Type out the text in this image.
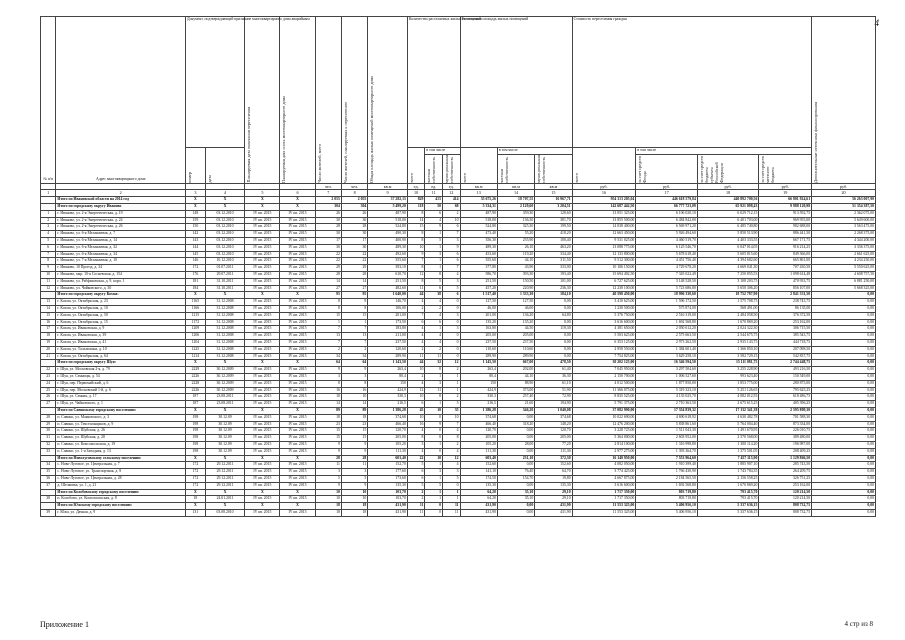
4
№ п/п	Адрес многоквартирного дома	Документ, подтверждающий признание многоквартирного дома аварийным		Планируемая дата окончания переселения	Планируемая дата сноса многоквартирного дома	Число жителей, всего	Число жителей, планируемых к переселению	Общая площадь жилых помещений многоквартирного дома	Количество расселяемых жилых помещений			Расселяемая площадь жилых помещений			Стоимость переселения граждан				Дополнительные источники финансирования

		номер	дата						всего	в том числе		всего	в том числе		всего	в том числе			

										частная собственность	муниципальная собственность		частная собственность	муниципальная собственность		за счет средств Фонда	за счет средств бюджета субъекта Российской Федерации	за счет средств местного бюджета	

						чел.	чел.	кв.м	ед.	ед.	ед.	кв.м	кв.м	кв.м	руб.	руб.	руб.	руб.	руб.
1	2	3	4	5	6	7	8	9	10	11	12	13	14	15	16	17	18	19	20
	Итого по Ивановской области на 2014 год	X	X	X	X	2 055	2 055	37 282,15	829	415	414	35 675,26	18 707,55	16 967,71	954 313 205,04	446 618 579,84	440 892 700,56	66 801 924,61	56 263 007,90
	Итого по городскому округу Иваново	X	X	X	X	304	304	5 499,20	118	50	68	5 334,31	2 129,60	3 204,51	142 687 442,50	66 777 723,09	65 921 098,43	9 988 120,98	51 354 387,50
1	г. Иваново, ул. 2-я Энергетическая, д. 19	148	03.12.2010	IV кв. 2015	IV кв. 2015	26	26	487,90	8	6	2	487,90	359,30	128,60	13 051 325,00	6 106 020,10	6 029 712,15	913 592,75	2 362 075,00
2	г. Иваново, ул. 2-я Энергетическая, д. 24	159	03.12.2010	IV кв. 2015	IV кв. 2015	30	30	518,00	14	4	10	518,00	136,30	381,70	13 855 500,00	6 484 842,00	6 401 703,00	969 955,00	5 649 600,00
3	г. Иваново, ул. 2-я Энергетическая, д. 26	150	03.12.2010	IV кв. 2015	IV кв. 2015	28	28	524,80	15	9	6	524,80	325,30	199,50	14 038 400,00	6 569 971,20	6 485 740,80	982 688,00	3 563 475,00
4	г. Иваново, ул. 6-я Меланжевая, д. 7	142	03.12.2010	IV кв. 2015	IV кв. 2015	30	30	490,30	8	1	7	473,40	55,20	418,20	12 663 450,00	5 926 494,60	5 850 513,90	886 441,50	2 268 375,00
5	г. Иваново, ул. 6-я Меланжевая, д. 14	143	03.12.2010	IV кв. 2015	IV кв. 2015	17	17	400,90	8	5	3	356,30	255,90	100,40	9 531 025,00	4 460 519,70	4 403 333,55	667 171,75	4 344 200,00
6	г. Иваново, ул. 6-я Меланжевая, д. 32	144	03.12.2010	IV кв. 2015	IV кв. 2015	30	30	489,30	10	1	9	489,30	26,10	463,20	13 088 775,00	6 125 546,70	6 047 014,05	916 214,25	3 336 375,00
7	г. Иваново, ул. 6-я Меланжевая, д. 34	145	03.12.2010	IV кв. 2015	IV кв. 2015	22	22	492,60	9	3	6	453,60	119,20	334,40	12 133 800,00	5 678 618,40	5 605 815,60	849 366,00	2 661 625,00
8	г. Иваново, ул. 7-я Меланжевая, д. 10	146	10.12.2010	IV кв. 2015	IV кв. 2015	22	22	355,60	7	1	6	355,60	44,10	311,50	9 512 300,00	4 451 756,40	4 394 682,60	665 861,00	4 234 250,00
9	г. Иваново, 10 Проезд, д. 34	172	01.07.2011	IV кв. 2015	IV кв. 2015	29	29	393,10	8	1	7	377,80	43,90	333,90	10 106 150,00	4 729 678,20	4 669 041,30	707 430,50	5 550 625,00
10	г. Иваново, мкр. 10-я Сосневская, д. 154	176	29.07.2011	IV кв. 2015	IV кв. 2015	28	28	610,70	12	8	4	586,70	393,30	193,40	15 694 492,50	7 345 022,49	7 250 855,53	1 098 614,48	4 608 757,50
11	г. Иваново, ул. Рабфаковская, д. 9, корп. 1	181	31.10.2011	IV кв. 2015	IV кв. 2015	14	14	251,50	8	5	3	251,50	150,50	101,00	6 727 625,00	3 148 528,50	3 108 203,75	470 933,75	6 881 250,00
12	г. Иваново, ул. Чайковского, д. 30	184	31.10.2011	IV кв. 2015	IV кв. 2015	27	27	482,60	11	6	5	457,20	220,90	236,30	12 230 100,00	5 723 686,80	5 650 306,20	856 107,00	5 668 325,00
	Итого по городскому округу Кохма:	X	X	X	X	95	95	1 640,00	44	38	6	1 517,40	1 333,30	184,10	40 590 450,00	18 996 330,60	18 752 787,90	2 841 331,50	0,00
13	г. Кохма, ул. Октябрьская, д. 23	1165	31.12.2008	IV кв. 2015	IV кв. 2015	8	8	146,70	4	4	0	127,50	127,50	0,00	3 410 625,00	1 596 172,50	1 575 708,75	238 743,75	0,00
14	г. Кохма, ул. Октябрьская, д. 10	1166	31.12.2008	IV кв. 2015	IV кв. 2015	8	8	106,00	2	2	0	46,00	46,00	0,00	1 230 500,00	575 874,00	568 491,00	86 135,00	0,00
15	г. Кохма, ул. Октябрьская, д. 50	1215	31.12.2008	IV кв. 2015	IV кв. 2015	15	15	201,00	7	4	3	201,00	136,20	64,80	5 376 750,00	2 516 319,00	2 484 058,50	376 372,50	0,00
16	г. Кохма, ул. Октябрьская, д. 15	1172	31.12.2008	IV кв. 2015	IV кв. 2015	1	1	173,50	6	6	0	135,20	135,20	0,00	3 616 600,00	1 692 568,80	1 670 869,20	253 162,00	0,00
17	г. Кохма, ул. Ивановская, д. 9	1209	31.12.2008	IV кв. 2015	IV кв. 2015	7	7	183,80	4	1	3	163,80	44,50	119,30	4 381 650,00	2 050 612,20	2 024 322,30	306 715,50	0,00
18	г. Кохма, ул. Ивановская, д. 39	1206	31.12.2008	IV кв. 2015	IV кв. 2015	13	13	211,00	4	4	0	205,00	205,00	0,00	5 503 625,00	2 575 663,50	2 544 675,75	385 543,75	0,00
19	г. Кохма, ул. Ивановская, д. 41	1204	31.12.2008	IV кв. 2015	IV кв. 2015	7	7	237,50	4	4	0	237,50	237,50	0,00	6 353 125,00	2 973 262,50	2 935 143,75	444 718,75	0,00
20	г. Кохма, ул. Талалихина, д. 10	1225	31.12.2008	IV кв. 2015	IV кв. 2015	2	2	120,60	2	2	0	110,60	110,60	0,00	2 958 550,00	1 384 601,40	1 366 850,10	207 098,50	0,00
21	г. Кохма, ул. Октябрьская, д. 64	1214	31.12.2008	IV кв. 2015	IV кв. 2015	34	34	289,90	11	11	0	289,90	289,90	0,00	7 754 825,00	3 629 258,10	3 582 729,15	542 837,75	0,00
	Итого по городскому округу Шуя:	X	X	X	X	64	64	1 143,50	44	32	12	1 145,50	667,00	478,50	30 202 125,00	16 346 594,50	15 111 081,75	2 744 448,75	0,00
22	г. Шуя, ул. Московская 2-я, д. 79	2229	30.12.2009	IV кв. 2015	IV кв. 2015	9	9	263,4	10	8	2	263,4	202,00	61,40	7 045 950,00	3 297 504,60	3 255 228,90	493 216,50	0,00
23	г. Шуя, ул. Сенницы, д. 54	2226	30.12.2009	IV кв. 2015	IV кв. 2015	3	3	80,4	2	1	1	80,4	44,10	36,30	2 150 700,00	1 006 527,60	993 623,40	150 549,00	0,00
24	г. Шуя, пер. Первомайский, д. 6	2228	30.12.2009	IV кв. 2015	IV кв. 2015	8	8	150	4	3	1	150	88,90	61,10	4 012 500,00	1 877 850,00	1 853 775,00	280 875,00	0,00
25	г. Шуя, пер. Московский 1-й, д. 6	2226	30.12.2009	IV кв. 2015	IV кв. 2015	16	16	424,9	12	11	1	424,9	373,00	51,90	11 366 075,00	5 319 323,10	5 251 126,65	795 625,25	0,00
26	г. Шуя, ул. Сенная, д. 17	187	23.08.2011	IV кв. 2015	IV кв. 2015	10	10	330,3	10	8	2	330,3	257,40	72,90	8 835 525,00	4 135 025,70	4 082 012,55	618 486,75	0,00
27	г. Шуя, ул. Чайковского, д. 1	187	23.08.2011	IV кв. 2015	IV кв. 2015	14	14	216,5	6	1	5	216,5	21,60	194,90	5 791 375,00	2 710 363,50	2 675 615,25	405 396,25	0,00
	Итого по Савинскому городскому поселению:	X	X	X	X	89	89	1 386,28	45	10	35	1 386,28	346,20	1 040,08	37 082 990,00	17 354 839,32	17 132 341,38	2 595 809,30	0,00
28	п. Савино, ул. Маяковского, д. 3	198	30.12.09	IV кв. 2015	IV кв. 2015	18	18	374,68	10	0	10	374,68	0,00	374,68	10 022 690,00	4 690 618,92	4 630 482,78	701 588,30	0,00
29	п. Савино, ул. Текстильщиков, д. 9	198	30.12.09	IV кв. 2015	IV кв. 2015	23	23	466,40	16	9	7	466,40	318,20	148,20	12 476 200,00	5 838 861,60	5 764 004,40	873 334,00	0,00
30	п. Савино, ул. Шуйская, д. 26	198	30.12.09	IV кв. 2015	IV кв. 2015	15	15	120,70	4	0	4	120,70	0,00	120,70	3 228 725,00	1 511 043,30	1 491 670,95	226 010,75	0,00
31	п. Савино, ул. Шуйская, д. 28	198	30.12.09	IV кв. 2015	IV кв. 2015	15	15	205,00	8	0	8	205,00	0,00	205,00	5 364 000,00	2 603 952,00	2 570 568,00	389 480,00	0,00
32	п. Савино, ул. Комсомольская, д. 19	198	30.12.09	IV кв. 2015	IV кв. 2015	9	9	105,20	3	1	2	105,20	28,00	77,20	2 814 100,00	1 316 998,80	1 300 114,20	196 987,00	0,00
33	п. Савино, ул. 1-я Западная, д. 13	198	30.12.09	IV кв. 2015	IV кв. 2015	9	9	111,30	4	0	4	111,30	0,00	111,30	2 977 275,00	1 393 364,70	1 375 501,05	208 409,25	0,00
	Итого по Новолуговскому сельскому поселению:	X	X	X	X	28	28	603,40	22	10	12	603,40	231,10	372,30	16 140 950,00	7 553 964,60	7 457 115,90	1 129 866,50	0,00
34	с. Ново-Луговое, ул. Центральная, д. 7	172	29.12.2011	IV кв. 2015	IV кв. 2015	11	11	152,70	5	1	4	152,60	0,00	152,60	4 082 050,00	1 910 399,40	1 885 907,10	285 743,50	0,00
35	с. Ново-Луговое, ул. Транспортная, д. 8	172	29.12.2011	IV кв. 2015	IV кв. 2015	3	3	177,60	6	3	3	141,10	76,40	64,70	3 774 425,00	1 766 430,90	1 743 784,35	264 209,75	0,00
36	с. Ново-Луговое, ул. Центральная, д. 28	172	29.12.2011	IV кв. 2015	IV кв. 2015	5	5	173,60	6	1	5	174,50	154,70	19,80	4 667 875,00	2 184 565,50	2 156 558,25	326 751,25	0,00
37	д. Шелковка, ул. 1, д. 21	172	29.12.2011	IV кв. 2015	IV кв. 2015	9	9	135,30	5	5	0	135,30	0,00	135,30	3 616 600,00	1 692 568,80	1 670 869,20	253 162,00	0,00
	Итого по Колобовскому городскому поселению:	X	X	X	X	10	10	103,70	2	1	1	64,20	35,10	29,10	1 717 350,00	803 719,80	793 415,70	120 214,50	0,00
38	п. Колобово, ул. Комсомольская, д. 8	18	24.01.2011	IV кв. 2015	IV кв. 2015	10	10	103,70	2	1	1	64,20	35,10	29,10	1 717 350,00	803 719,80	793 415,70	120 214,50	0,00
	Итого по Южскому городскому поселению:	X	X	X	X	18	18	431,90	11	0	11	431,90	0,00	431,90	11 553 325,00	5 406 956,10	5 337 636,15	808 732,75	0,00
39	г. Южа, ул. Дачная, д. 9	131	03.08.2010	IV кв. 2015	IV кв. 2015	18	18	431,90	11	0	11	431,90	0,00	431,90	11 553 325,00	5 406 956,10	5 337 636,15	808 732,75	0,00
Приложение 1	4 стр из 8
